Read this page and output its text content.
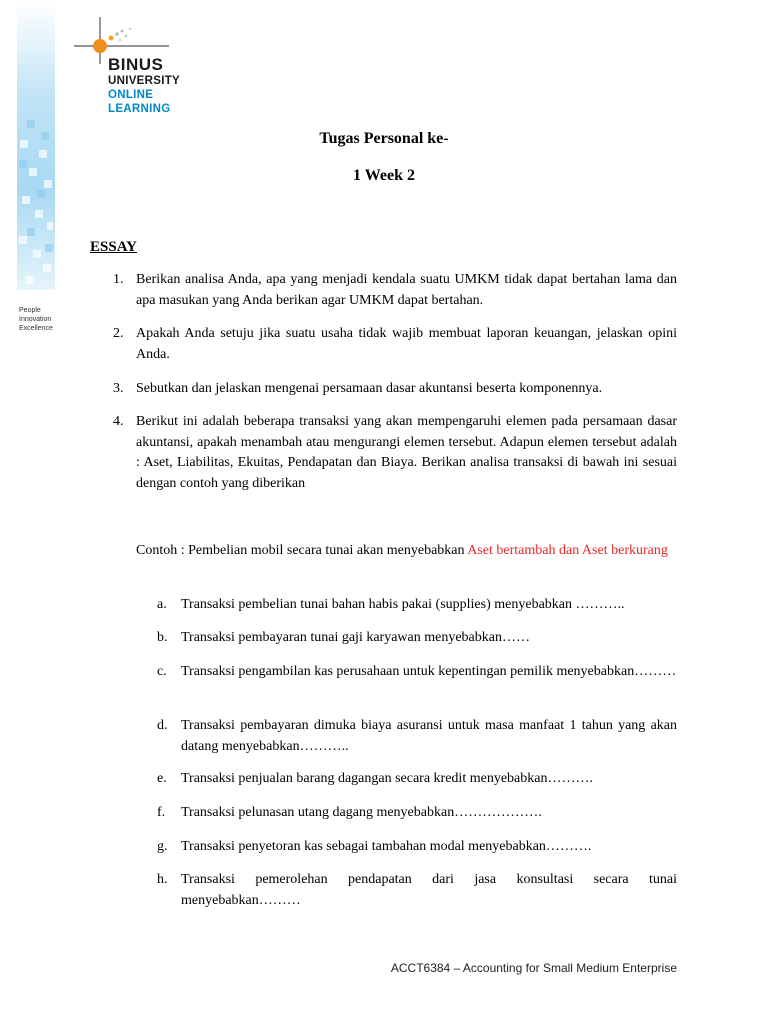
People
Innovation
Excellence
BINUS
UNIVERSITY
ONLINE
LEARNING
Tugas Personal ke-
1 Week 2
ESSAY
1. Berikan analisa Anda, apa yang menjadi kendala suatu UMKM tidak dapat bertahan lama dan apa masukan yang Anda berikan agar UMKM dapat bertahan.
2. Apakah Anda setuju jika suatu usaha tidak wajib membuat laporan keuangan, jelaskan opini Anda.
3. Sebutkan dan jelaskan mengenai persamaan dasar akuntansi beserta komponennya.
4. Berikut ini adalah beberapa transaksi yang akan mempengaruhi elemen pada persamaan dasar akuntansi, apakah menambah atau mengurangi elemen tersebut. Adapun elemen tersebut adalah : Aset, Liabilitas, Ekuitas, Pendapatan dan Biaya. Berikan analisa transaksi di bawah ini sesuai dengan contoh yang diberikan
Contoh : Pembelian mobil secara tunai akan menyebabkan Aset bertambah dan Aset berkurang
a.	Transaksi pembelian tunai bahan habis pakai (supplies) menyebabkan ………..
b. Transaksi pembayaran tunai gaji karyawan menyebabkan……
c.	Transaksi pengambilan kas perusahaan untuk kepentingan pemilik menyebabkan………
d. Transaksi pembayaran dimuka biaya asuransi untuk masa manfaat 1 tahun yang akan datang menyebabkan………..
e.	Transaksi penjualan barang dagangan secara kredit menyebabkan……….
f.	Transaksi pelunasan utang dagang menyebabkan……………….
g. Transaksi penyetoran kas sebagai tambahan modal menyebabkan……….
h. Transaksi pemerolehan pendapatan dari jasa konsultasi secara tunai menyebabkan………
ACCT6384 – Accounting for Small Medium Enterprise
